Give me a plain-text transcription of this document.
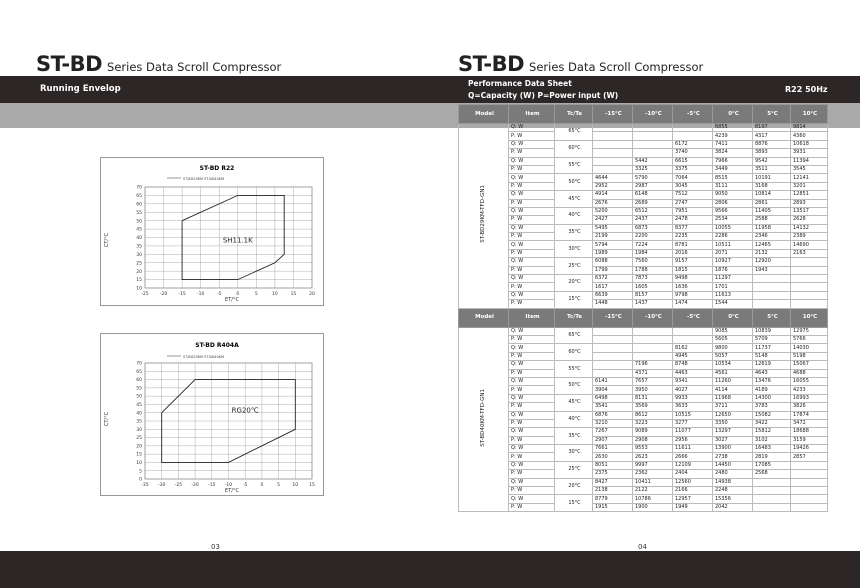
ST-BD Series Data Scroll Compressor
Running Envelop
ST-BD R22
ST-BD29KM ST-BD40KM
CT/°C
ET/°C
-25 -20 -15 -10	-5	0	5	10	15	20
10
15
20
25
30
35
40
45
50
55
60
65
70
SH11.1K
ST-BD R404A
ST-BD29KM ST-BD40KM
CT/°C
ET/°C
-35 -30 -25 -20 -15 -10 -5	0	5	10 15
0
5
10
15
20
25
30
35
40
45
50
55
60
65
70
RG20℃
03
ST-BD Series Data Scroll Compressor
Performance Data Sheet
Q=Capacity (W) P=Power input (W)
R22 50Hz
Model	Item	Tc/Te	-15°C	-10°C	-5°C	0°C	5°C	10°C
ST-BD29KM-TFD-GN1	Q: W	65°C				6855	8197	9814
	P: W					4239	4317	4360
	Q: W	60°C			6172	7411	8876	10618
	P: W				3740	3824	3893	3931
	Q: W	55°C		5442	6615	7966	9542	11394
	P: W			3325	3375	3449	3511	3545
	Q: W	50°C	4644	5790	7064	8515	10191	12141
	P: W		2952	2987	3045	3111	3168	3201
	Q: W	45°C	4914	6148	7512	9050	10814	12851
	P: W		2676	2689	2747	2806	2861	2893
	Q: W	40°C	5200	6512	7951	9566	11405	13517
	P: W		2427	2437	2478	2534	2588	2628
	Q: W	35°C	5495	6873	8377	10055	11958	14132
	P: W		2199	2200	2235	2286	2346	2389
	Q: W	30°C	5794	7224	8781	10511	12465	14690
	P: W		1989	1984	2016	2071	2132	2163
	Q: W	25°C	6088	7560	9157	10927	12920	
	P: W		1799	1788	1815	1876	1943	
	Q: W	20°C	6372	7873	9498	11297		
	P: W		1617	1605	1636	1701		
	Q: W	15°C	6639	8157	9798	11613		
	P: W		1448	1437	1474	1544		
Model	Item	Tc/Te	-15°C	-10°C	-5°C	0°C	5°C	10°C
ST-BD40KM-TFD-GN1	Q: W	65°C				9085	10839	12975
	P: W					5605	5709	5766
	Q: W	60°C			8162	9800	11737	14030
	P: W				4945	5057	5148	5198
	Q: W	55°C		7196	8748	10534	12619	15067
	P: W			4371	4463	4561	4643	4688
	Q: W	50°C	6141	7657	9341	11260	13476	16055
	P: W		3904	3950	4027	4114	4189	4233
	Q: W	45°C	6498	8131	9933	11968	14300	16993
	P: W		3541	3569	3633	3711	3783	3826
	Q: W	40°C	6876	8612	10515	12650	15082	17874
	P: W		3210	3223	3277	3350	3422	3472
	Q: W	35°C	7267	9089	11077	13297	15812	18688
	P: W		2907	2908	2956	3027	3102	3159
	Q: W	30°C	7661	9553	11611	13900	16483	19426
	P: W		2630	2623	2666	2738	2819	2857
	Q: W	25°C	8051	9997	12109	14450	17085	
	P: W		2375	2362	2404	2480	2568	
	Q: W	20°C	8427	10411	12560	14938		
	P: W		2138	2122	2166	2248		
	Q: W	15°C	8779	10786	12957	15356		
	P: W		1915	1900	1949	2042		
04
